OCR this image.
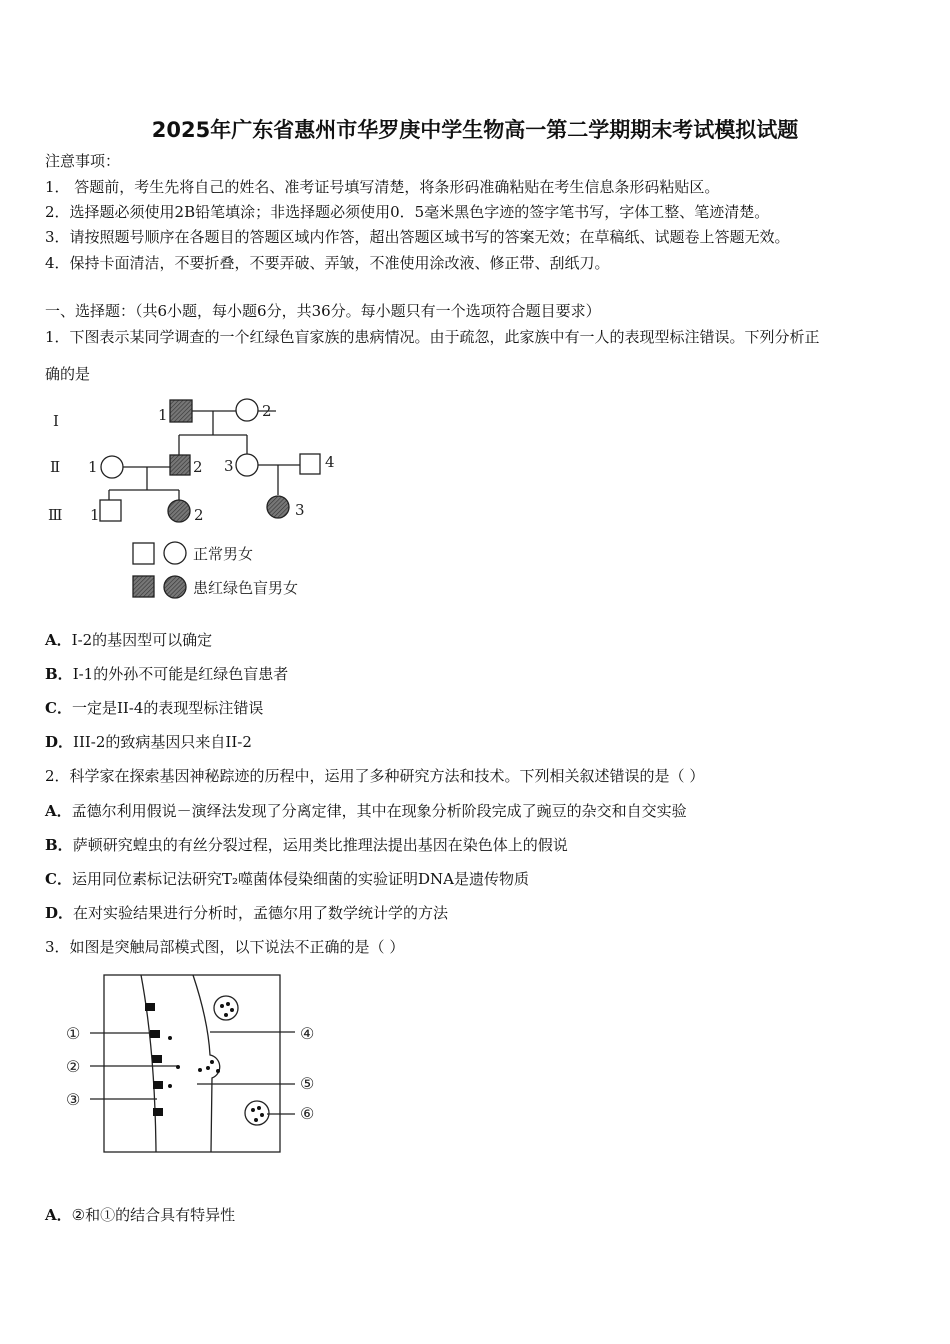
2025年广东省惠州市华罗庚中学生物高一第二学期期末考试模拟试题
注意事项：
1． 答题前，考生先将自己的姓名、准考证号填写清楚，将条形码准确粘贴在考生信息条形码粘贴区。
2．选择题必须使用2B铅笔填涂；非选择题必须使用0．5毫米黑色字迹的签字笔书写，字体工整、笔迹清楚。
3．请按照题号顺序在各题目的答题区域内作答，超出答题区域书写的答案无效；在草稿纸、试题卷上答题无效。
4．保持卡面清洁，不要折叠，不要弄破、弄皱，不准使用涂改液、修正带、刮纸刀。
一、选择题：（共6小题，每小题6分，共36分。每小题只有一个选项符合题目要求）
1．下图表示某同学调查的一个红绿色盲家族的患病情况。由于疏忽，此家族中有一人的表现型标注错误。下列分析正
确的是
Ⅰ
Ⅱ
Ⅲ
1	2
1	2 3	4
1	2	3
正常男女
患红绿色盲男女
A．I-2的基因型可以确定
B．I-1的外孙不可能是红绿色盲患者
C．一定是II-4的表现型标注错误
D．III-2的致病基因只来自II-2
2．科学家在探索基因神秘踪迹的历程中，运用了多种研究方法和技术。下列相关叙述错误的是（ ）
A．孟德尔利用假说－演绎法发现了分离定律，其中在现象分析阶段完成了豌豆的杂交和自交实验
B．萨顿研究蝗虫的有丝分裂过程，运用类比推理法提出基因在染色体上的假说
C．运用同位素标记法研究T₂噬菌体侵染细菌的实验证明DNA是遗传物质
D．在对实验结果进行分析时，孟德尔用了数学统计学的方法
3．如图是突触局部模式图，以下说法不正确的是（ ）
①
②
③
④
⑤
⑥
A．②和①的结合具有特异性
